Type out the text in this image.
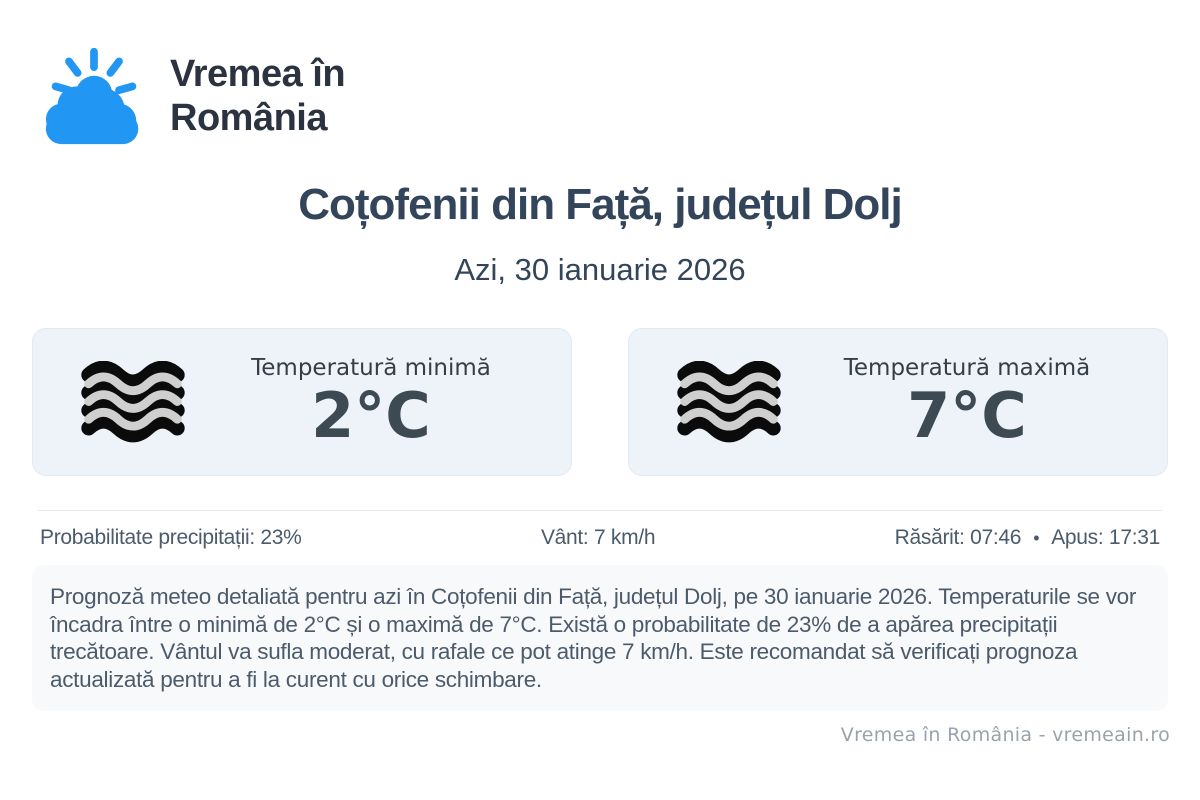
Vremea în
România
Coțofenii din Față, județul Dolj
Azi, 30 ianuarie 2026
Temperatură minimă
2°C
Temperatură maximă
7°C
Probabilitate precipitații: 23%	Vânt: 7 km/h	Răsărit: 07:46 • Apus: 17:31
Prognoză meteo detaliată pentru azi în Coțofenii din Față, județul Dolj, pe 30 ianuarie 2026. Temperaturile se vor încadra între o minimă de 2°C și o maximă de 7°C. Există o probabilitate de 23% de a apărea precipitații trecătoare. Vântul va sufla moderat, cu rafale ce pot atinge 7 km/h. Este recomandat să verificați prognoza actualizată pentru a fi la curent cu orice schimbare.
Vremea în România - vremeain.ro
